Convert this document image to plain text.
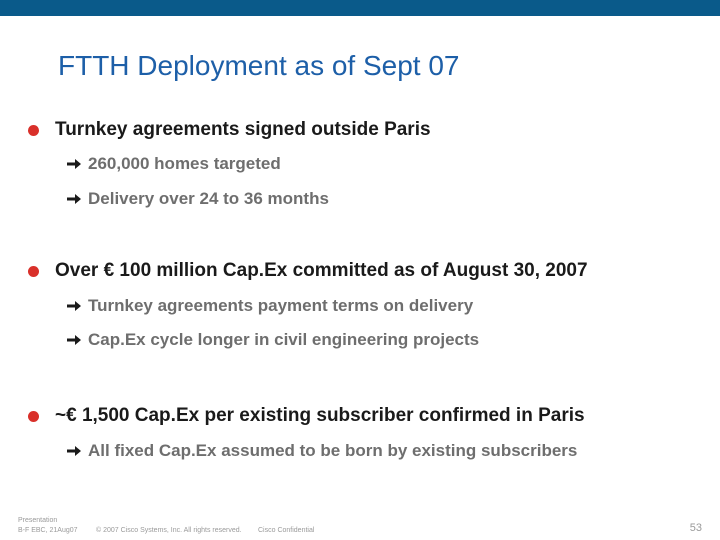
FTTH Deployment as of Sept 07
Turnkey agreements signed outside Paris
260,000 homes targeted
Delivery over 24 to 36 months
Over € 100 million Cap.Ex committed as of August 30, 2007
Turnkey agreements payment terms on delivery
Cap.Ex cycle longer in civil engineering projects
~€ 1,500 Cap.Ex per existing subscriber confirmed in Paris
All fixed Cap.Ex assumed to be born by existing subscribers
Presentation
B-F EBC, 21Aug07	© 2007 Cisco Systems, Inc. All rights reserved. Cisco Confidential	53
